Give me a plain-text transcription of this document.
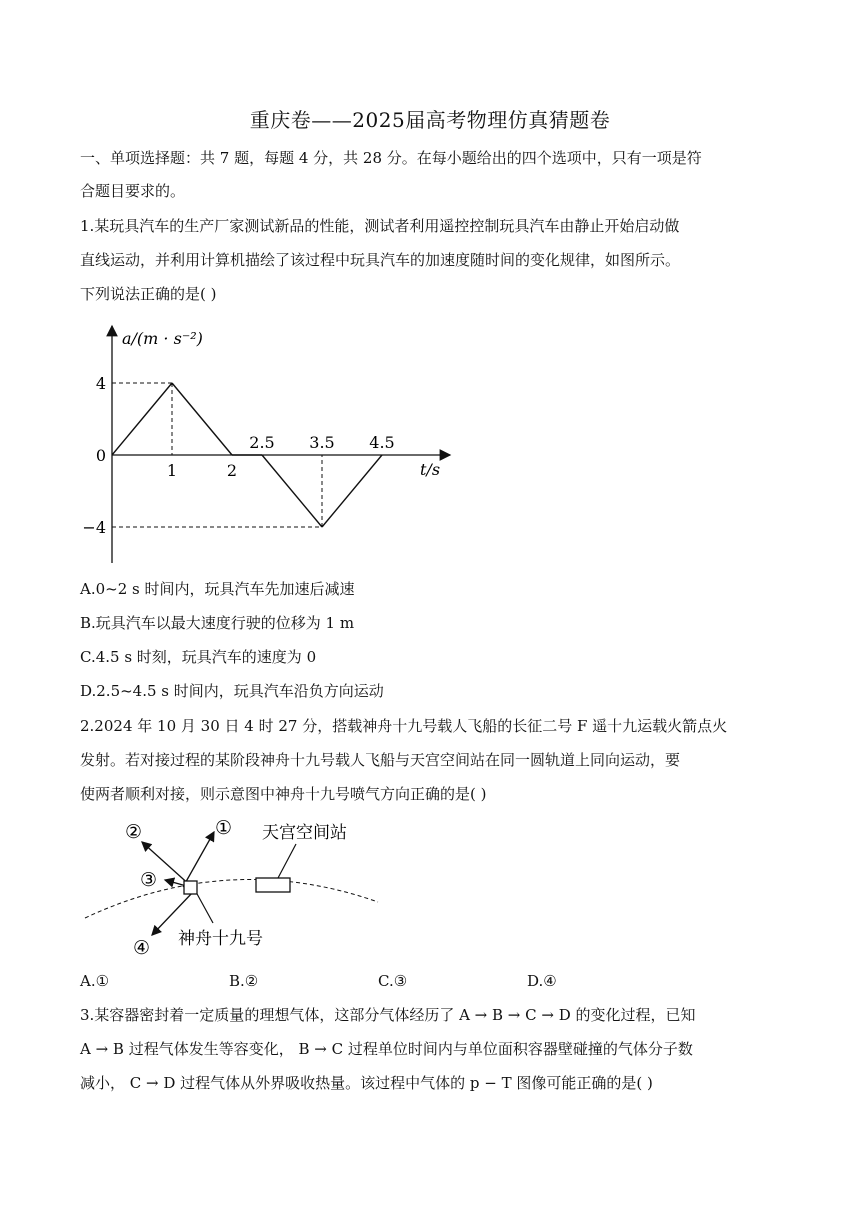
重庆卷——2025届高考物理仿真猜题卷
一、单项选择题：共 7 题，每题 4 分，共 28 分。在每小题给出的四个选项中，只有一项是符
合题目要求的。
1.某玩具汽车的生产厂家测试新品的性能，测试者利用遥控控制玩具汽车由静止开始启动做
直线运动，并利用计算机描绘了该过程中玩具汽车的加速度随时间的变化规律，如图所示。
下列说法正确的是( )
a/(m · s⁻²)
t/s
4
0
−4
1	2
2.5 3.5 4.5
A.0~2 s 时间内，玩具汽车先加速后减速
B.玩具汽车以最大速度行驶的位移为 1 m
C.4.5 s 时刻，玩具汽车的速度为 0
D.2.5~4.5 s 时间内，玩具汽车沿负方向运动
2.2024 年 10 月 30 日 4 时 27 分，搭载神舟十九号载人飞船的长征二号 F 遥十九运载火箭点火
发射。若对接过程的某阶段神舟十九号载人飞船与天宫空间站在同一圆轨道上同向运动，要
使两者顺利对接，则示意图中神舟十九号喷气方向正确的是( )
①
②
③
④
天宫空间站
神舟十九号
A.①	B.②	C.③	D.④
3.某容器密封着一定质量的理想气体，这部分气体经历了 A → B → C → D 的变化过程，已知
A → B 过程气体发生等容变化， B → C 过程单位时间内与单位面积容器壁碰撞的气体分子数
减小， C → D 过程气体从外界吸收热量。该过程中气体的 p − T 图像可能正确的是( )
